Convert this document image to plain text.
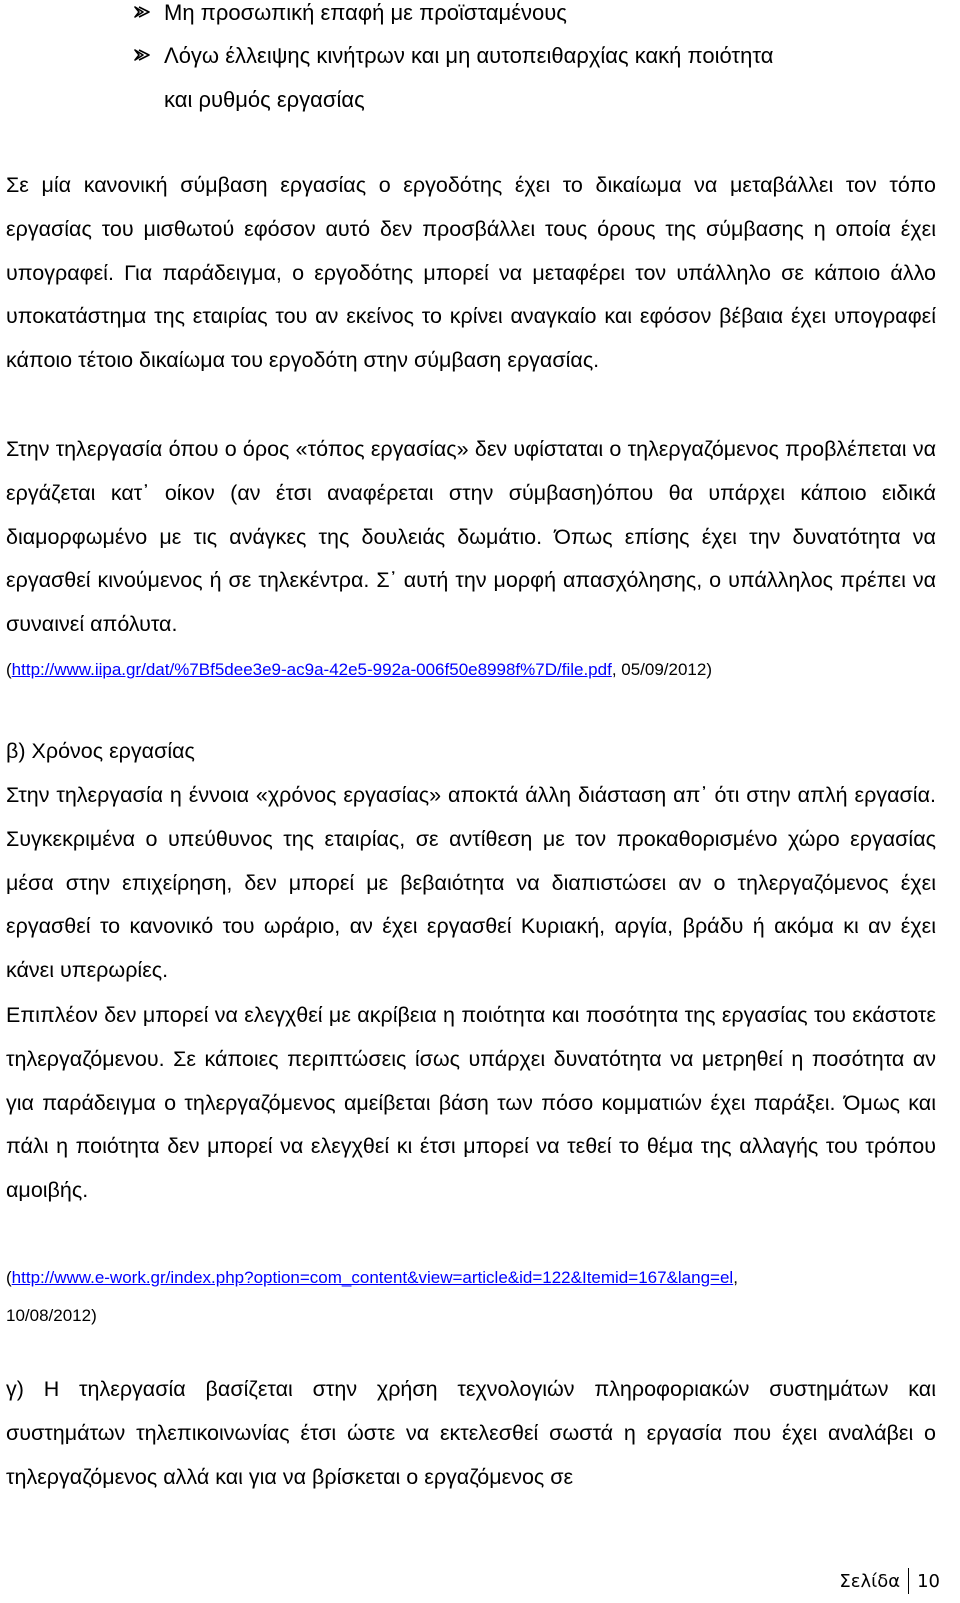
Μη προσωπική επαφή με προϊσταμένους
Λόγω έλλειψης κινήτρων και μη αυτοπειθαρχίας κακή ποιότητα
και ρυθμός εργασίας

Σε μία κανονική σύμβαση εργασίας ο εργοδότης έχει το δικαίωμα να μεταβάλλει τον τόπο εργασίας του μισθωτού εφόσον αυτό δεν προσβάλλει τους όρους της σύμβασης η οποία έχει υπογραφεί. Για παράδειγμα, ο εργοδότης μπορεί να μεταφέρει τον υπάλληλο σε κάποιο άλλο υποκατάστημα της εταιρίας του αν εκείνος το κρίνει αναγκαίο και εφόσον βέβαια έχει υπογραφεί κάποιο τέτοιο δικαίωμα του εργοδότη στην σύμβαση εργασίας.

Στην τηλεργασία όπου ο όρος «τόπος εργασίας» δεν υφίσταται ο τηλεργαζόμενος προβλέπεται να εργάζεται κατ᾽ οίκον (αν έτσι αναφέρεται στην σύμβαση)όπου θα υπάρχει κάποιο ειδικά διαμορφωμένο με τις ανάγκες της δουλειάς δωμάτιο. Όπως επίσης έχει την δυνατότητα να εργασθεί κινούμενος ή σε τηλεκέντρα. Σ᾽ αυτή την μορφή απασχόλησης, ο υπάλληλος πρέπει να συναινεί απόλυτα.

(http://www.iipa.gr/dat/%7Bf5dee3e9-ac9a-42e5-992a-006f50e8998f%7D/file.pdf, 05/09/2012)
β) Χρόνος εργασίας

Στην τηλεργασία η έννοια «χρόνος εργασίας» αποκτά άλλη διάσταση απ᾽ ότι στην απλή εργασία. Συγκεκριμένα ο υπεύθυνος της εταιρίας, σε αντίθεση με τον προκαθορισμένο χώρο εργασίας μέσα στην επιχείρηση, δεν μπορεί με βεβαιότητα να διαπιστώσει αν ο τηλεργαζόμενος έχει εργασθεί το κανονικό του ωράριο, αν έχει εργασθεί Κυριακή, αργία, βράδυ ή ακόμα κι αν έχει κάνει υπερωρίες.

Επιπλέον δεν μπορεί να ελεγχθεί με ακρίβεια η ποιότητα και ποσότητα της εργασίας του εκάστοτε τηλεργαζόμενου. Σε κάποιες περιπτώσεις ίσως υπάρχει δυνατότητα να μετρηθεί η ποσότητα αν για παράδειγμα ο τηλεργαζόμενος αμείβεται βάση των πόσο κομματιών έχει παράξει. Όμως και πάλι η ποιότητα δεν μπορεί να ελεγχθεί κι έτσι μπορεί να τεθεί το θέμα της αλλαγής του τρόπου αμοιβής.

(http://www.e-work.gr/index.php?option=com_content&view=article&id=122&Itemid=167&lang=el,
10/08/2012)

γ) Η τηλεργασία βασίζεται στην χρήση τεχνολογιών πληροφοριακών συστημάτων και συστημάτων τηλεπικοινωνίας έτσι ώστε να εκτελεσθεί σωστά η εργασία που έχει αναλάβει ο τηλεργαζόμενος αλλά και για να βρίσκεται ο εργαζόμενος σε

Σελίδα 10
